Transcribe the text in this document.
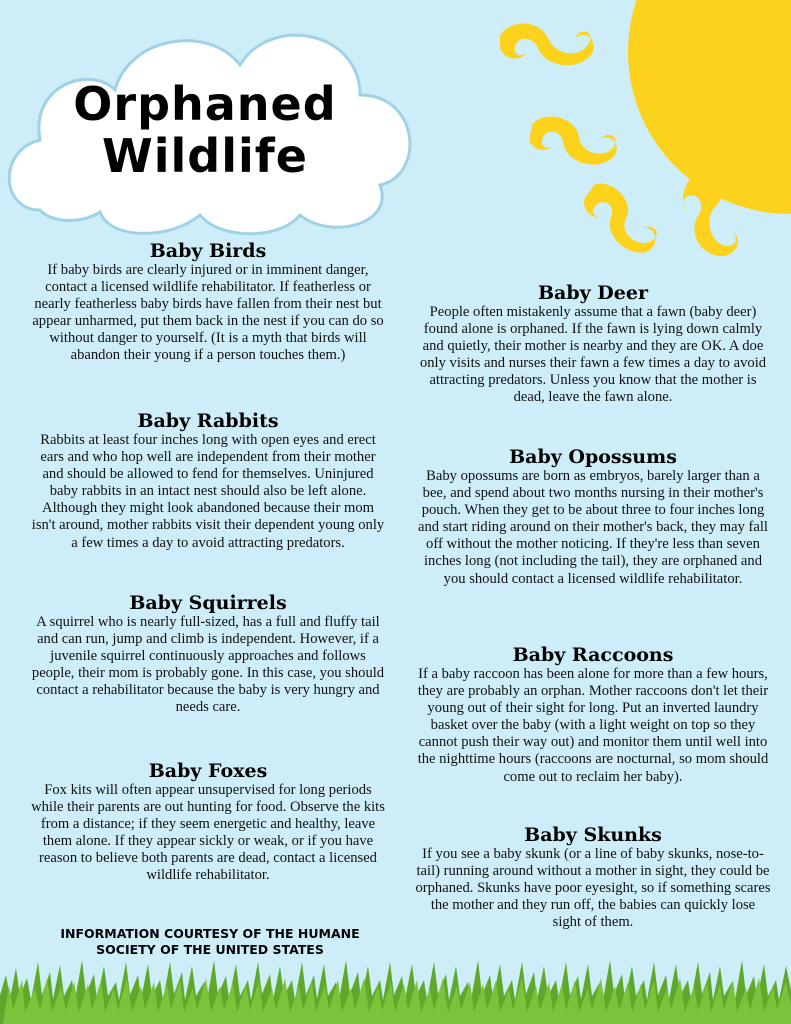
Orphaned
Wildlife
Baby Birds

If baby birds are clearly injured or in imminent danger, contact a licensed wildlife rehabilitator. If featherless or nearly featherless baby birds have fallen from their nest but appear unharmed, put them back in the nest if you can do so without danger to yourself. (It is a myth that birds will abandon their young if a person touches them.)

Baby Rabbits

Rabbits at least four inches long with open eyes and erect ears and who hop well are independent from their mother and should be allowed to fend for themselves. Uninjured baby rabbits in an intact nest should also be left alone. Although they might look abandoned because their mom isn't around, mother rabbits visit their dependent young only a few times a day to avoid attracting predators.

Baby Squirrels

A squirrel who is nearly full-sized, has a full and fluffy tail and can run, jump and climb is independent. However, if a juvenile squirrel continuously approaches and follows people, their mom is probably gone. In this case, you should contact a rehabilitator because the baby is very hungry and needs care.

Baby Foxes

Fox kits will often appear unsupervised for long periods while their parents are out hunting for food. Observe the kits from a distance; if they seem energetic and healthy, leave them alone. If they appear sickly or weak, or if you have reason to believe both parents are dead, contact a licensed wildlife rehabilitator.

INFORMATION COURTESY OF THE HUMANE
SOCIETY OF THE UNITED STATES
Baby Deer

People often mistakenly assume that a fawn (baby deer) found alone is orphaned. If the fawn is lying down calmly and quietly, their mother is nearby and they are OK. A doe only visits and nurses their fawn a few times a day to avoid attracting predators. Unless you know that the mother is dead, leave the fawn alone.

Baby Opossums

Baby opossums are born as embryos, barely larger than a bee, and spend about two months nursing in their mother's pouch. When they get to be about three to four inches long and start riding around on their mother's back, they may fall off without the mother noticing. If they're less than seven inches long (not including the tail), they are orphaned and you should contact a licensed wildlife rehabilitator.

Baby Raccoons

If a baby raccoon has been alone for more than a few hours, they are probably an orphan. Mother raccoons don't let their young out of their sight for long. Put an inverted laundry basket over the baby (with a light weight on top so they cannot push their way out) and monitor them until well into the nighttime hours (raccoons are nocturnal, so mom should come out to reclaim her baby).

Baby Skunks

If you see a baby skunk (or a line of baby skunks, nose-to-tail) running around without a mother in sight, they could be orphaned. Skunks have poor eyesight, so if something scares the mother and they run off, the babies can quickly lose sight of them.
